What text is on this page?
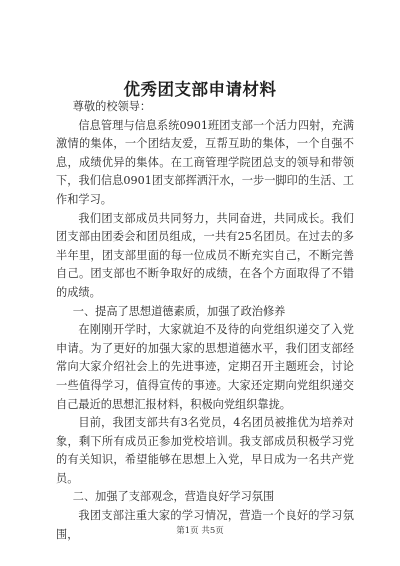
优秀团支部申请材料

尊敬的校领导：

信息管理与信息系统0901班团支部一个活力四射，充满激情的集体，一个团结友爱，互帮互助的集体，一个自强不息，成绩优异的集体。在工商管理学院团总支的领导和带领下，我们信息0901团支部挥洒汗水，一步一脚印的生活、工作和学习。

我们团支部成员共同努力，共同奋进，共同成长。我们团支部由团委会和团员组成，一共有25名团员。在过去的多半年里，团支部里面的每一位成员不断充实自己，不断完善自己。团支部也不断争取好的成绩，在各个方面取得了不错的成绩。

一、提高了思想道德素质，加强了政治修养

在刚刚开学时，大家就迫不及待的向党组织递交了入党申请。为了更好的加强大家的思想道德水平，我们团支部经常向大家介绍社会上的先进事迹，定期召开主题班会，讨论一些值得学习，值得宣传的事迹。大家还定期向党组织递交自己最近的思想汇报材料，积极向党组织靠拢。

目前，我团支部共有3名党员，4名团员被推优为培养对象，剩下所有成员正参加党校培训。我支部成员积极学习党的有关知识，希望能够在思想上入党，早日成为一名共产党员。

二、加强了支部观念，营造良好学习氛围

我团支部注重大家的学习情况，营造一个良好的学习氛围，	第1页 共5页
